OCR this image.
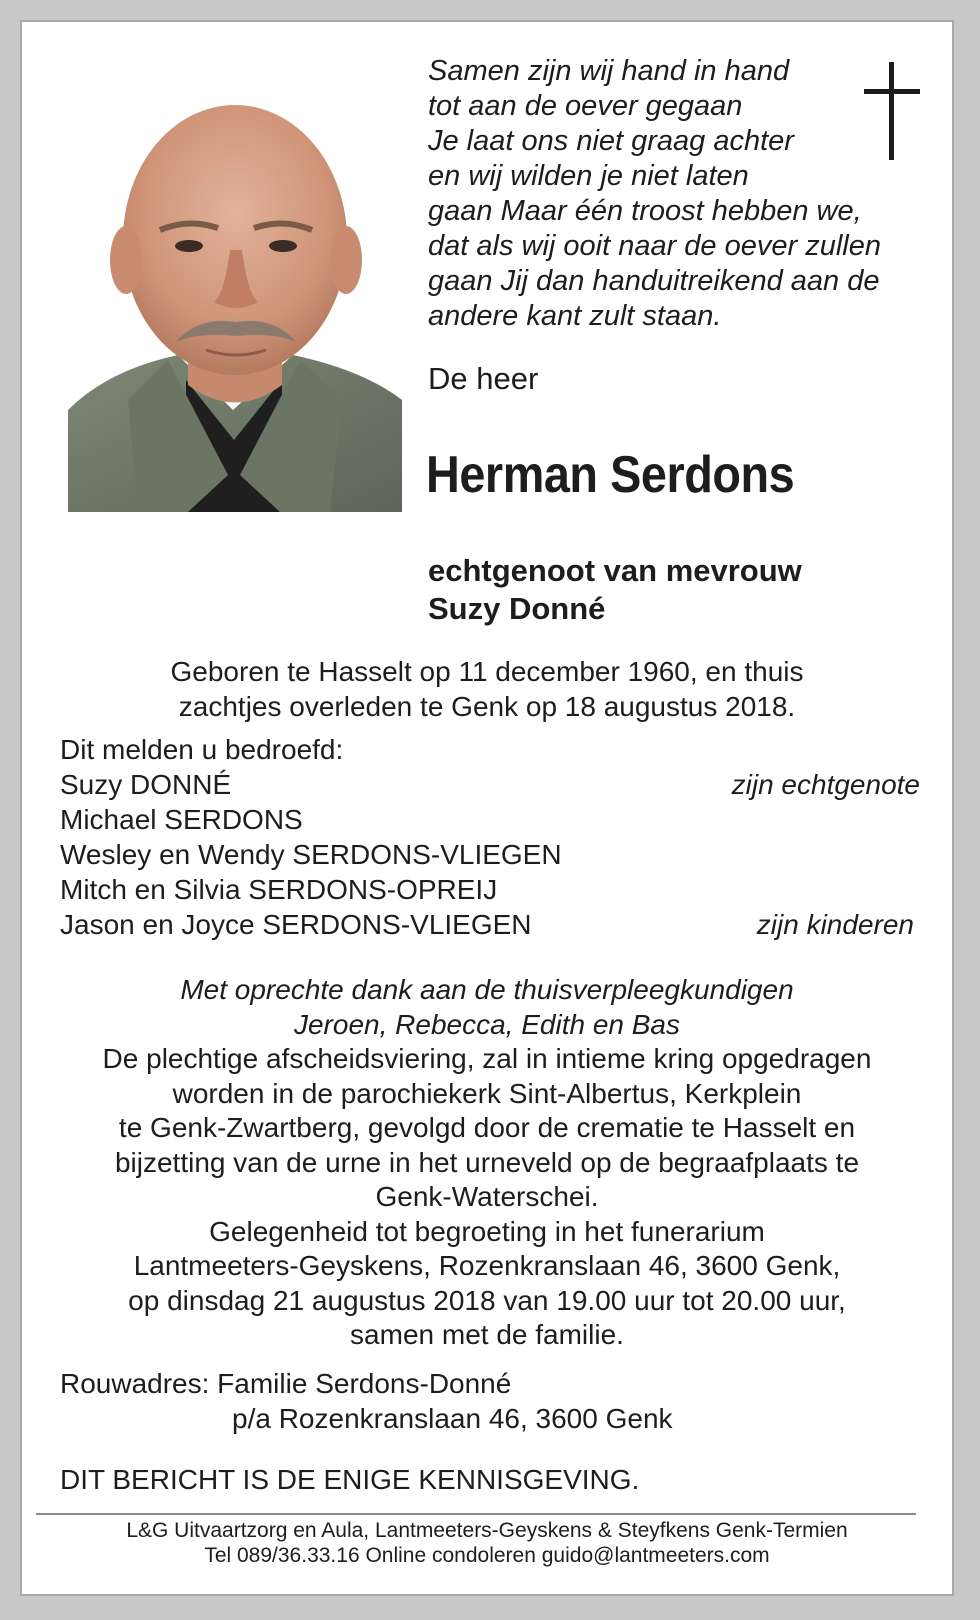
Samen zijn wij hand in hand
tot aan de oever gegaan
Je laat ons niet graag achter
en wij wilden je niet laten
gaan Maar één troost hebben we,
dat als wij ooit naar de oever zullen
gaan Jij dan handuitreikend aan de
andere kant zult staan.
De heer
Herman Serdons
echtgenoot van mevrouw
Suzy Donné
Geboren te Hasselt op 11 december 1960, en thuis
zachtjes overleden te Genk op 18 augustus 2018.
Dit melden u bedroefd:
Suzy DONNÉ	zijn echtgenote
Michael SERDONS
Wesley en Wendy SERDONS-VLIEGEN
Mitch en Silvia SERDONS-OPREIJ
Jason en Joyce SERDONS-VLIEGEN	zijn kinderen
Met oprechte dank aan de thuisverpleegkundigen
Jeroen, Rebecca, Edith en Bas
De plechtige afscheidsviering, zal in intieme kring opgedragen
worden in de parochiekerk Sint-Albertus, Kerkplein
te Genk-Zwartberg, gevolgd door de crematie te Hasselt en
bijzetting van de urne in het urneveld op de begraafplaats te
Genk-Waterschei.
Gelegenheid tot begroeting in het funerarium
Lantmeeters-Geyskens, Rozenkranslaan 46, 3600 Genk,
op dinsdag 21 augustus 2018 van 19.00 uur tot 20.00 uur,
samen met de familie.
Rouwadres: Familie Serdons-Donné
p/a Rozenkranslaan 46, 3600 Genk
DIT BERICHT IS DE ENIGE KENNISGEVING.
L&G Uitvaartzorg en Aula, Lantmeeters-Geyskens & Steyfkens Genk-Termien
Tel 089/36.33.16 Online condoleren guido@lantmeeters.com
